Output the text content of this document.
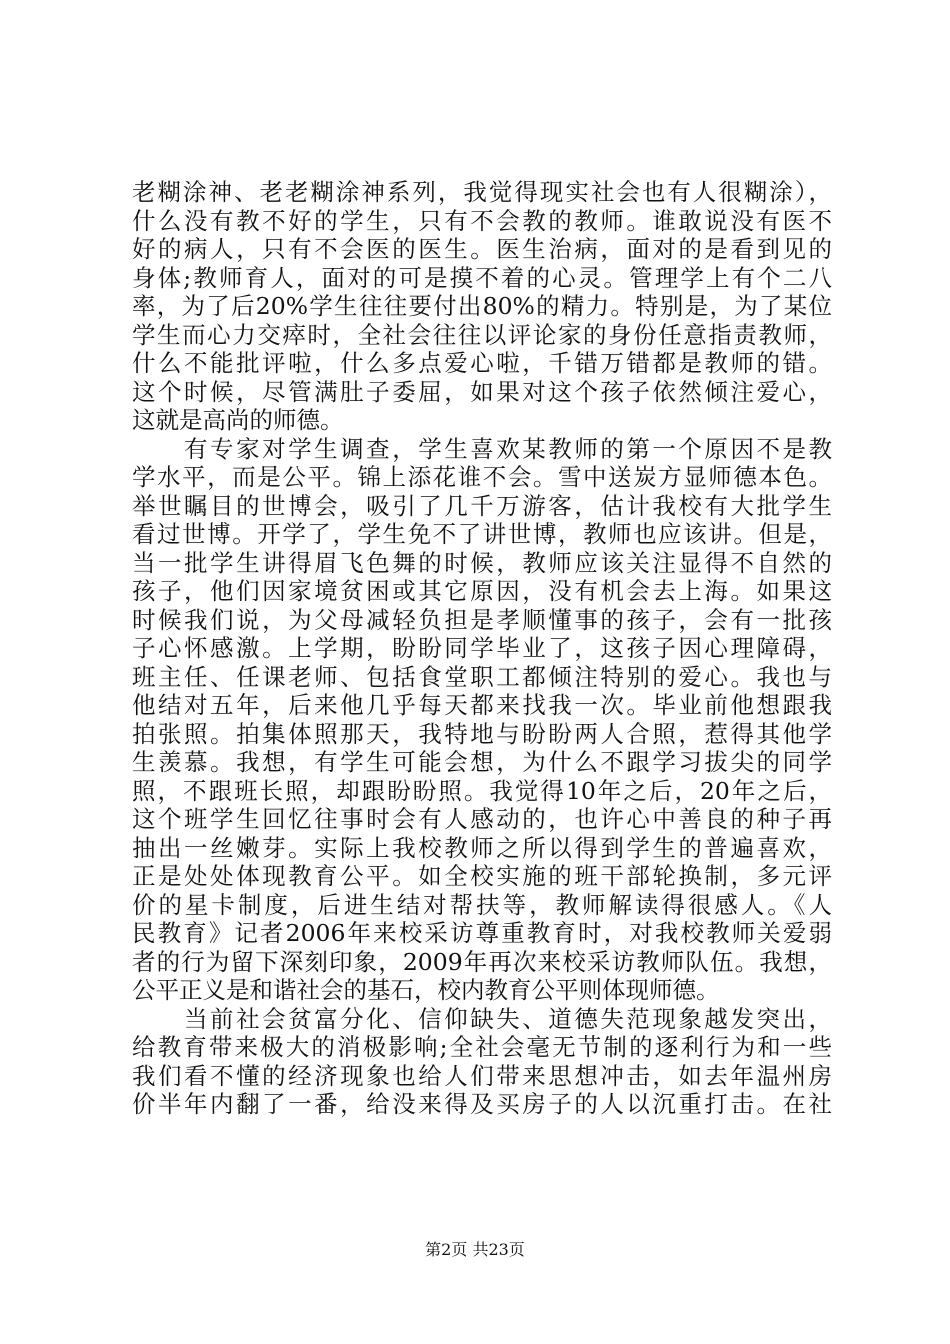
老糊涂神、老老糊涂神系列，我觉得现实社会也有人很糊涂），
什么没有教不好的学生，只有不会教的教师。谁敢说没有医不
好的病人，只有不会医的医生。医生治病，面对的是看到见的
身体;教师育人，面对的可是摸不着的心灵。管理学上有个二八
率，为了后20%学生往往要付出80%的精力。特别是，为了某位
学生而心力交瘁时，全社会往往以评论家的身份任意指责教师，
什么不能批评啦，什么多点爱心啦，千错万错都是教师的错。
这个时候，尽管满肚子委屈，如果对这个孩子依然倾注爱心，
这就是高尚的师德。
　　有专家对学生调查，学生喜欢某教师的第一个原因不是教
学水平，而是公平。锦上添花谁不会。雪中送炭方显师德本色。
举世瞩目的世博会，吸引了几千万游客，估计我校有大批学生
看过世博。开学了，学生免不了讲世博，教师也应该讲。但是，
当一批学生讲得眉飞色舞的时候，教师应该关注显得不自然的
孩子，他们因家境贫困或其它原因，没有机会去上海。如果这
时候我们说，为父母减轻负担是孝顺懂事的孩子，会有一批孩
子心怀感激。上学期，盼盼同学毕业了，这孩子因心理障碍，
班主任、任课老师、包括食堂职工都倾注特别的爱心。我也与
他结对五年，后来他几乎每天都来找我一次。毕业前他想跟我
拍张照。拍集体照那天，我特地与盼盼两人合照，惹得其他学
生羡慕。我想，有学生可能会想，为什么不跟学习拔尖的同学
照，不跟班长照，却跟盼盼照。我觉得10年之后，20年之后，
这个班学生回忆往事时会有人感动的，也许心中善良的种子再
抽出一丝嫩芽。实际上我校教师之所以得到学生的普遍喜欢，
正是处处体现教育公平。如全校实施的班干部轮换制，多元评
价的星卡制度，后进生结对帮扶等，教师解读得很感人。《人
民教育》记者2006年来校采访尊重教育时，对我校教师关爱弱
者的行为留下深刻印象，2009年再次来校采访教师队伍。我想，
公平正义是和谐社会的基石，校内教育公平则体现师德。
　　当前社会贫富分化、信仰缺失、道德失范现象越发突出，
给教育带来极大的消极影响;全社会毫无节制的逐利行为和一些
我们看不懂的经济现象也给人们带来思想冲击，如去年温州房
价半年内翻了一番，给没来得及买房子的人以沉重打击。在社
第2页 共23页
